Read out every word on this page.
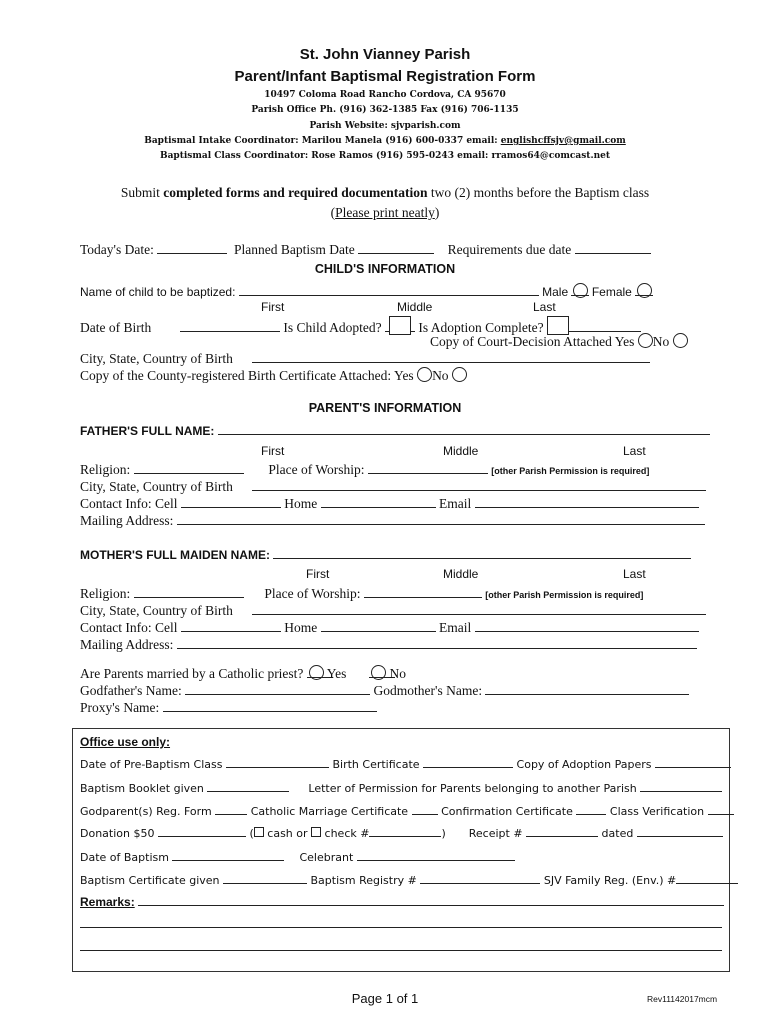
St. John Vianney Parish
Parent/Infant Baptismal Registration Form
10497 Coloma Road Rancho Cordova, CA 95670
Parish Office Ph. (916) 362-1385 Fax (916) 706-1135
Parish Website: sjvparish.com
Baptismal Intake Coordinator: Marilou Manela (916) 600-0337 email: englishcffsjv@gmail.com
Baptismal Class Coordinator: Rose Ramos (916) 595-0243 email: rramos64@comcast.net
Submit completed forms and required documentation two (2) months before the Baptism class
(Please print neatly)
Today's Date:	Planned Baptism Date	Requirements due date
CHILD'S INFORMATION
Name of child to be baptized:	Male Female
First	Middle	Last
Date of Birth	Is Child Adopted?	Is Adoption Complete?
Copy of Court-Decision Attached Yes No
City, State, Country of Birth
Copy of the County-registered Birth Certificate Attached: Yes No
PARENT'S INFORMATION
FATHER'S FULL NAME:
First	Middle	Last
Religion:	Place of Worship:	[other Parish Permission is required]
City, State, Country of Birth
Contact Info: Cell	Home	Email
Mailing Address:
MOTHER'S FULL MAIDEN NAME:
First	Middle	Last
Religion:	Place of Worship:	[other Parish Permission is required]
City, State, Country of Birth
Contact Info: Cell	Home	Email
Mailing Address:
Are Parents married by a Catholic priest? Yes	No
Godfather's Name:	Godmother's Name:
Proxy's Name:
Office use only:
Date of Pre-Baptism Class	Birth Certificate	Copy of Adoption Papers
Baptism Booklet given	Letter of Permission for Parents belonging to another Parish
Godparent(s) Reg. Form	Catholic Marriage Certificate	Confirmation Certificate	Class Verification
Donation $50	( cash or check #	) Receipt #	dated
Date of Baptism	Celebrant
Baptism Certificate given	Baptism Registry #	SJV Family Reg. (Env.) #
Remarks:
Page 1 of 1	Rev11142017mcm
